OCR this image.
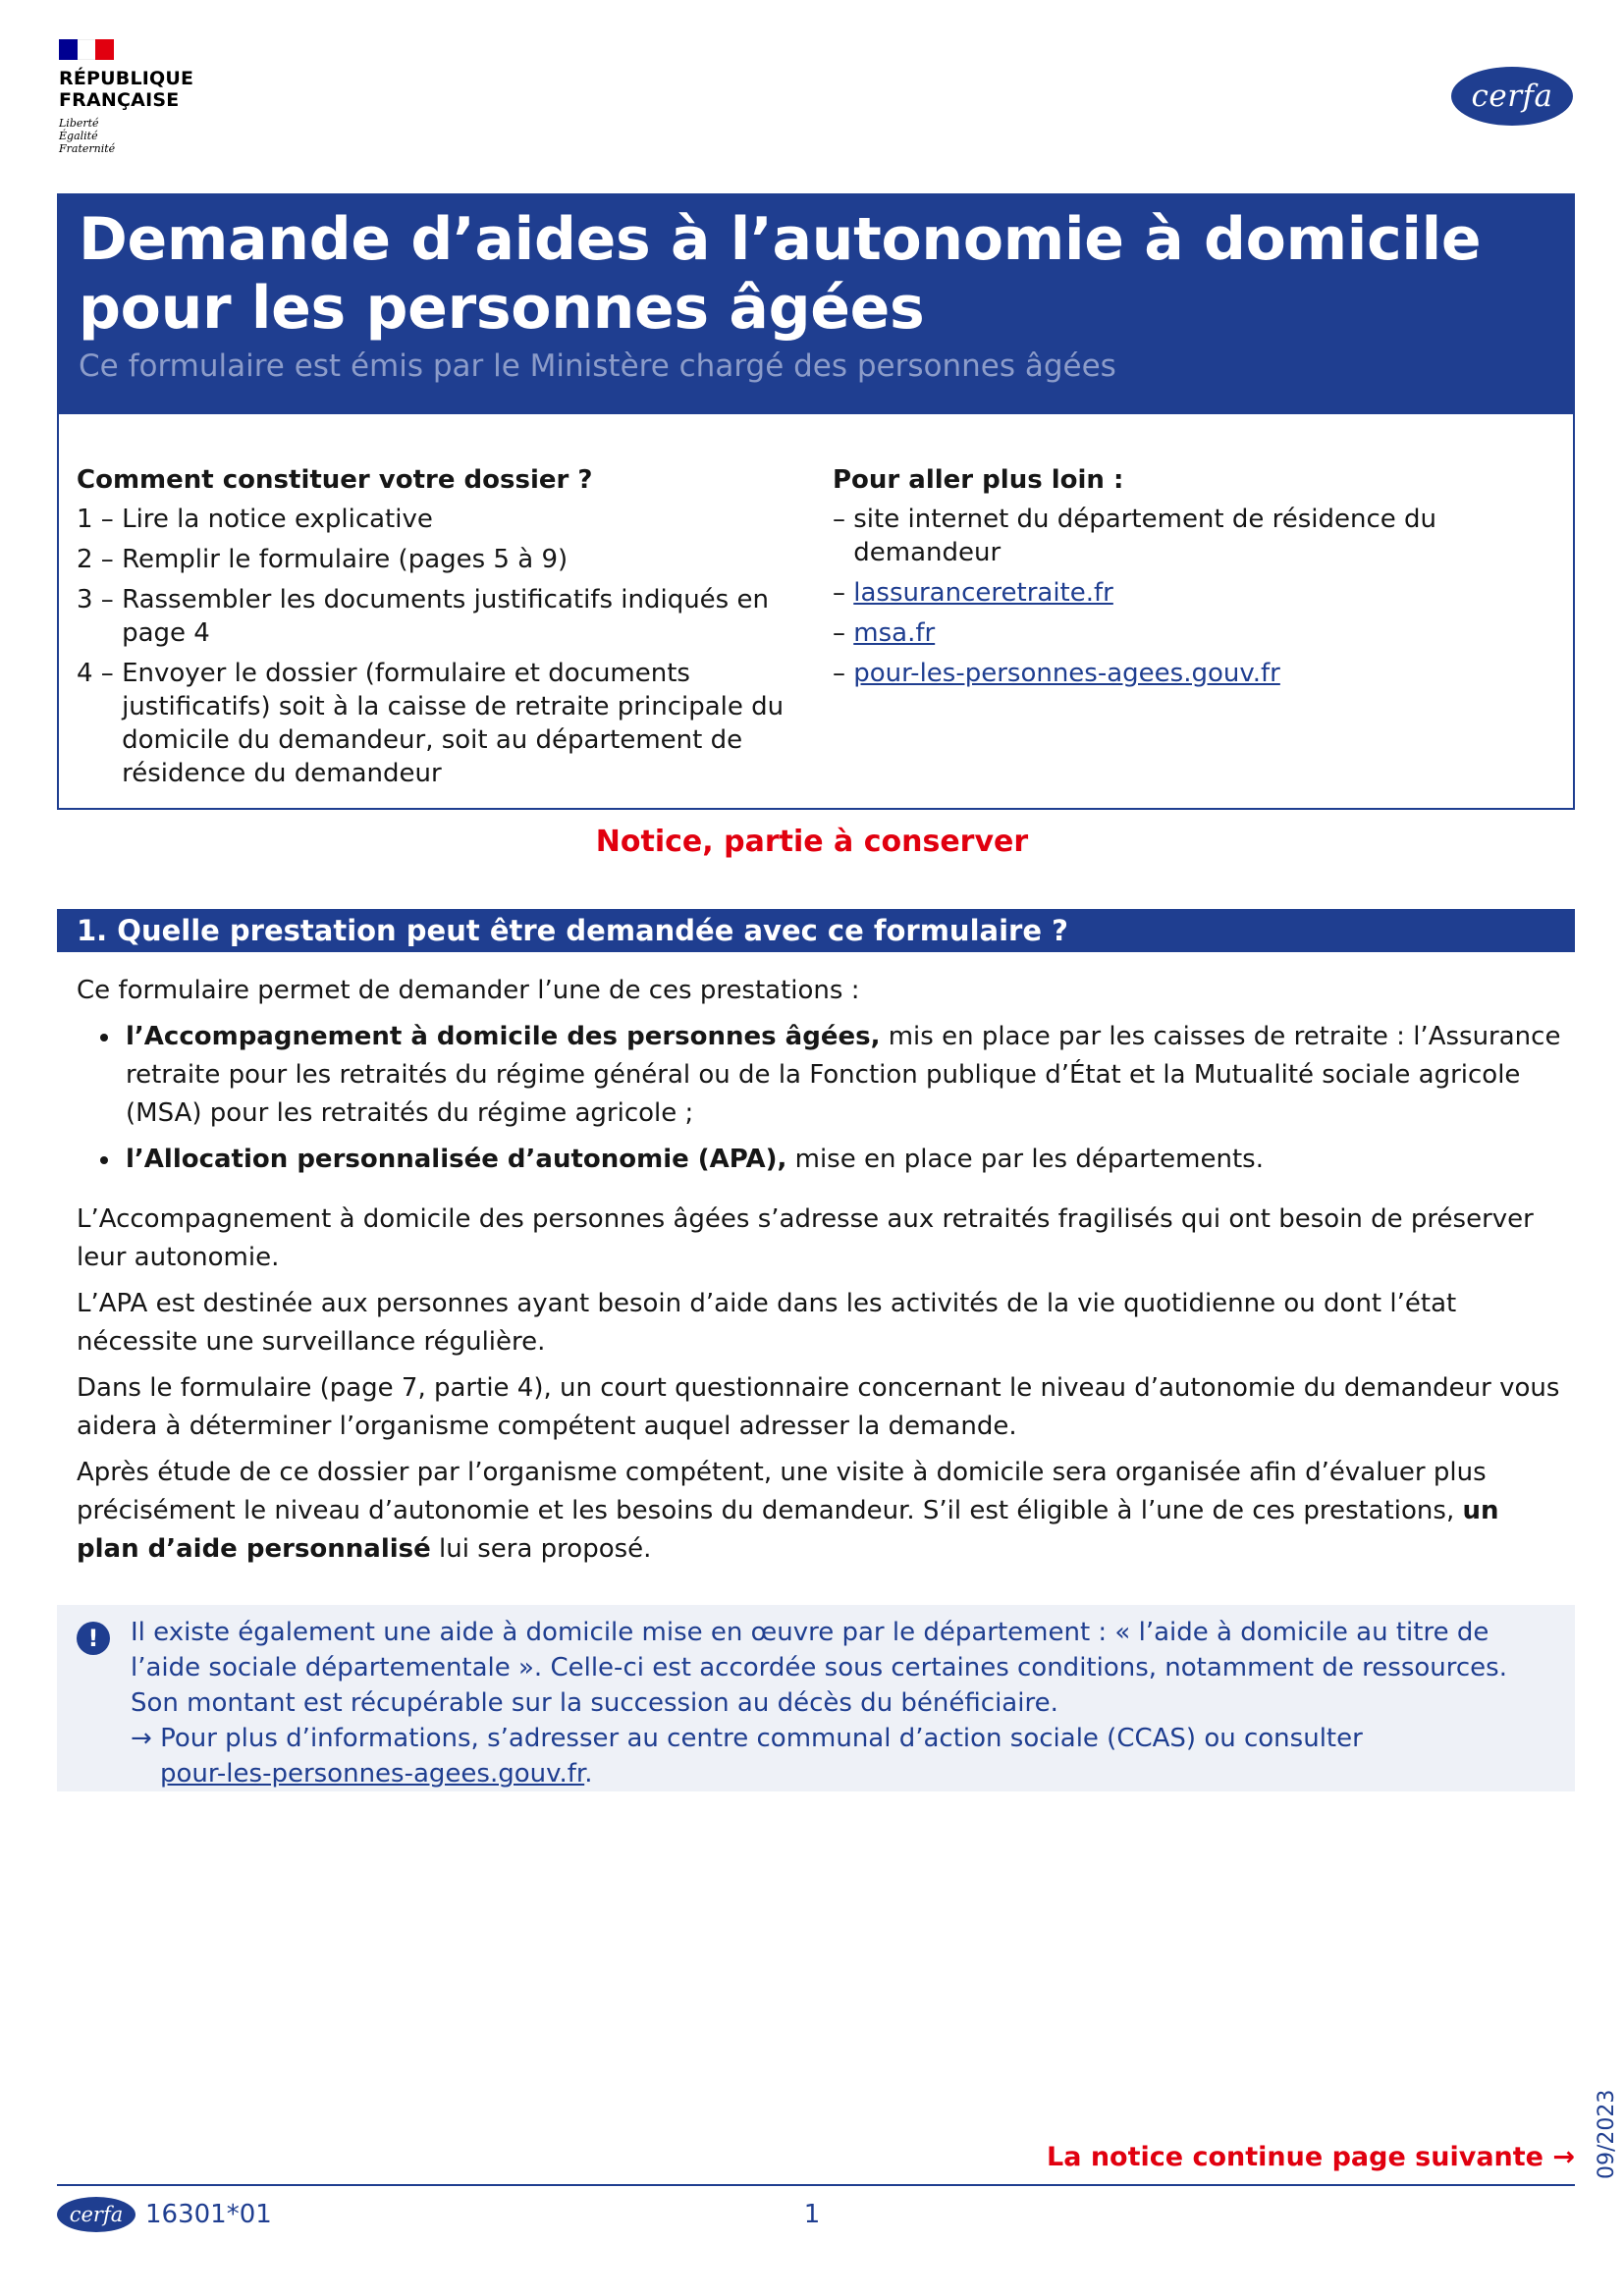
RÉPUBLIQUE
FRANÇAISE
Liberté
Égalité
Fraternité
cerfa
Demande d’aides à l’autonomie à domicile pour les personnes âgées
Ce formulaire est émis par le Ministère chargé des personnes âgées
Comment constituer votre dossier ?
1 – Lire la notice explicative
2 – Remplir le formulaire (pages 5 à 9)
3 – Rassembler les documents justificatifs indiqués en page 4
4 – Envoyer le dossier (formulaire et documents justificatifs) soit à la caisse de retraite principale du domicile du demandeur, soit au département de résidence du demandeur
Pour aller plus loin :
– site internet du département de résidence du demandeur
– lassuranceretraite.fr
– msa.fr
– pour-les-personnes-agees.gouv.fr
Notice, partie à conserver
1. Quelle prestation peut être demandée avec ce formulaire ?

Ce formulaire permet de demander l’une de ces prestations :

l’Accompagnement à domicile des personnes âgées, mis en place par les caisses de retraite : l’Assurance retraite pour les retraités du régime général ou de la Fonction publique d’État et la Mutualité sociale agricole (MSA) pour les retraités du régime agricole ;
l’Allocation personnalisée d’autonomie (APA), mise en place par les départements.

L’Accompagnement à domicile des personnes âgées s’adresse aux retraités fragilisés qui ont besoin de préserver leur autonomie.

L’APA est destinée aux personnes ayant besoin d’aide dans les activités de la vie quotidienne ou dont l’état nécessite une surveillance régulière.

Dans le formulaire (page 7, partie 4), un court questionnaire concernant le niveau d’autonomie du demandeur vous aidera à déterminer l’organisme compétent auquel adresser la demande.

Après étude de ce dossier par l’organisme compétent, une visite à domicile sera organisée afin d’évaluer plus précisément le niveau d’autonomie et les besoins du demandeur. S’il est éligible à l’une de ces prestations, un plan d’aide personnalisé lui sera proposé.

!	Il existe également une aide à domicile mise en œuvre par le département : « l’aide à domicile au titre de l’aide sociale départementale ». Celle-ci est accordée sous certaines conditions, notamment de ressources. Son montant est récupérable sur la succession au décès du bénéficiaire.
→ Pour plus d’informations, s’adresser au centre communal d’action sociale (CCAS) ou consulter
pour-les-personnes-agees.gouv.fr.
09/2023
La notice continue page suivante →
cerfa 16301*01	1
